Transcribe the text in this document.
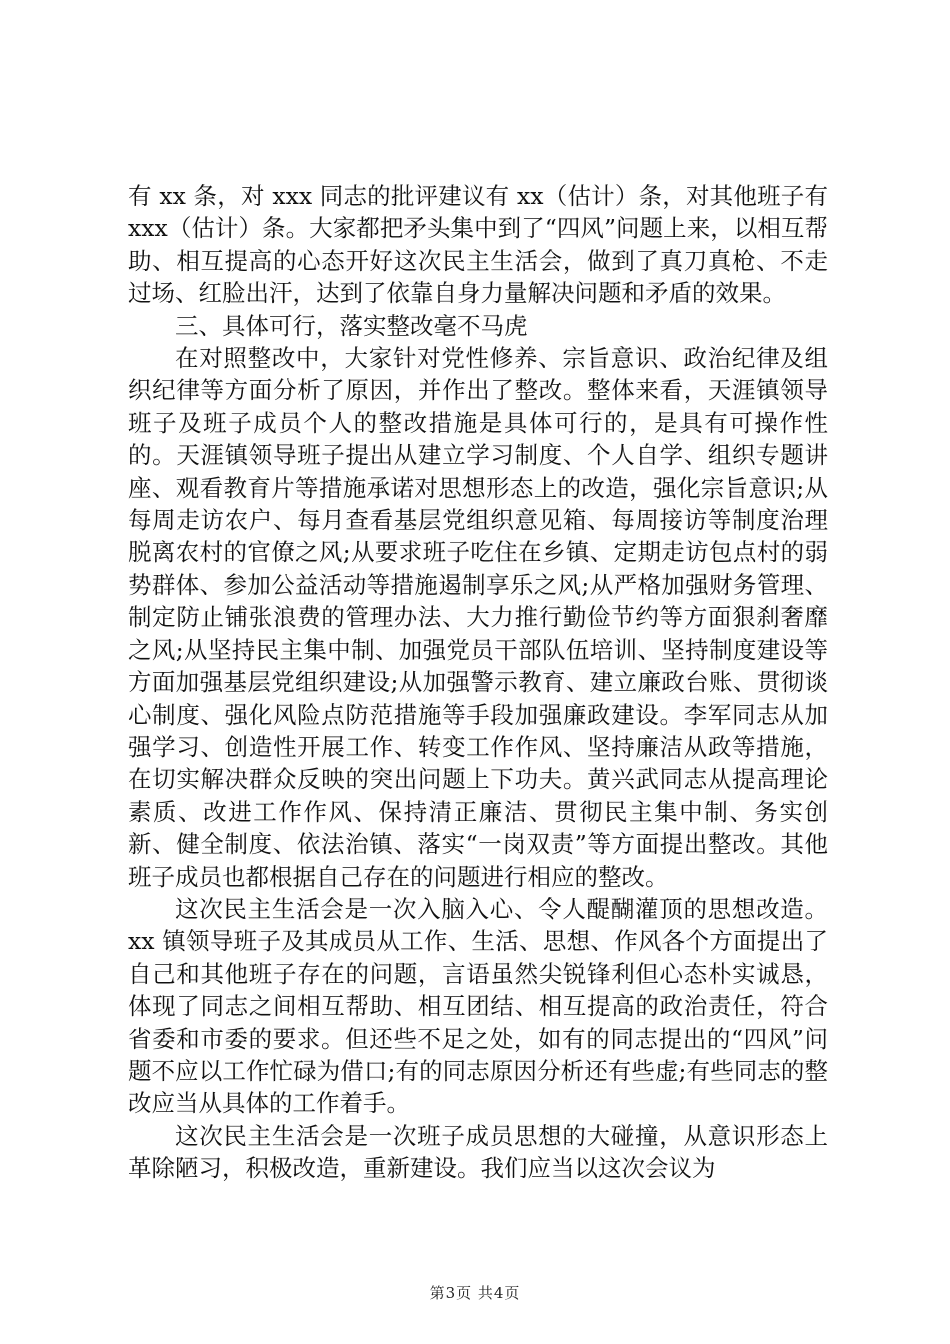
有 xx 条，对 xxx 同志的批评建议有 xx（估计）条，对其他班子有 xxx（估计）条。大家都把矛头集中到了“四风”问题上来，以相互帮助、相互提高的心态开好这次民主生活会，做到了真刀真枪、不走过场、红脸出汗，达到了依靠自身力量解决问题和矛盾的效果。

三、具体可行，落实整改毫不马虎

在对照整改中，大家针对党性修养、宗旨意识、政治纪律及组织纪律等方面分析了原因，并作出了整改。整体来看，天涯镇领导班子及班子成员个人的整改措施是具体可行的，是具有可操作性的。天涯镇领导班子提出从建立学习制度、个人自学、组织专题讲座、观看教育片等措施承诺对思想形态上的改造，强化宗旨意识;从每周走访农户、每月查看基层党组织意见箱、每周接访等制度治理脱离农村的官僚之风;从要求班子吃住在乡镇、定期走访包点村的弱势群体、参加公益活动等措施遏制享乐之风;从严格加强财务管理、制定防止铺张浪费的管理办法、大力推行勤俭节约等方面狠刹奢靡之风;从坚持民主集中制、加强党员干部队伍培训、坚持制度建设等方面加强基层党组织建设;从加强警示教育、建立廉政台账、贯彻谈心制度、强化风险点防范措施等手段加强廉政建设。李军同志从加强学习、创造性开展工作、转变工作作风、坚持廉洁从政等措施，在切实解决群众反映的突出问题上下功夫。黄兴武同志从提高理论素质、改进工作作风、保持清正廉洁、贯彻民主集中制、务实创新、健全制度、依法治镇、落实“一岗双责”等方面提出整改。其他班子成员也都根据自己存在的问题进行相应的整改。

这次民主生活会是一次入脑入心、令人醍醐灌顶的思想改造。xx 镇领导班子及其成员从工作、生活、思想、作风各个方面提出了自己和其他班子存在的问题，言语虽然尖锐锋利但心态朴实诚恳，体现了同志之间相互帮助、相互团结、相互提高的政治责任，符合省委和市委的要求。但还些不足之处，如有的同志提出的“四风”问题不应以工作忙碌为借口;有的同志原因分析还有些虚;有些同志的整改应当从具体的工作着手。

这次民主生活会是一次班子成员思想的大碰撞，从意识形态上革除陋习，积极改造，重新建设。我们应当以这次会议为

第3页 共4页
